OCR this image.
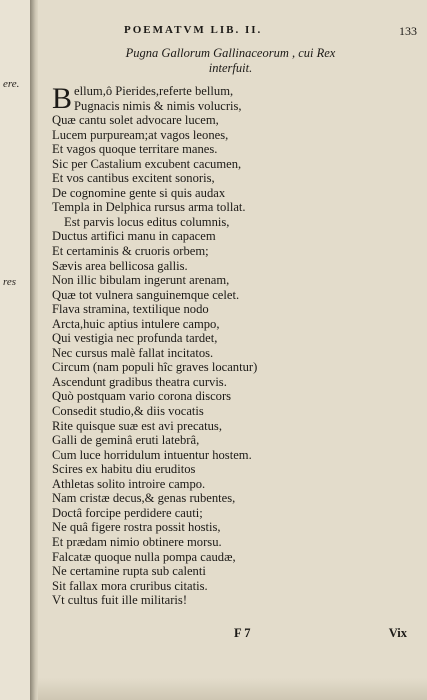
ere.
res
POEMATVM LIB. II.	133
Pugna Gallorum Gallinaceorum , cui Rex
interfuit.
Bellum,ô Pierides,referte bellum,
Pugnacis nimis & nimis volucris,
Quæ cantu solet advocare lucem,
Lucem purpuream;at vagos leones,
Et vagos quoque territare manes.
Sic per Castalium excubent cacumen,
Et vos cantibus excitent sonoris,
De cognomine gente si quis audax
Templa in Delphica rursus arma tollat.
Est parvis locus editus columnis,
Ductus artifici manu in capacem
Et certaminis & cruoris orbem;
Sævis area bellicosa gallis.
Non illic bibulam ingerunt arenam,
Quæ tot vulnera sanguinemque celet.
Flava stramina, textilique nodo
Arcta,huic aptius intulere campo,
Qui vestigia nec profunda tardet,
Nec cursus malè fallat incitatos.
Circum (nam populi hîc graves locantur)
Ascendunt gradibus theatra curvis.
Quò postquam vario corona discors
Consedit studio,& diis vocatis
Rite quisque suæ est avi precatus,
Galli de geminâ eruti latebrâ,
Cum luce horridulum intuentur hostem.
Scires ex habitu diu eruditos
Athletas solito introire campo.
Nam cristæ decus,& genas rubentes,
Doctâ forcipe perdidere cauti;
Ne quâ figere rostra possit hostis,
Et prædam nimio obtinere morsu.
Falcatæ quoque nulla pompa caudæ,
Ne certamine rupta sub calenti
Sit fallax mora cruribus citatis.
Vt cultus fuit ille militaris!
F 7	Vix
